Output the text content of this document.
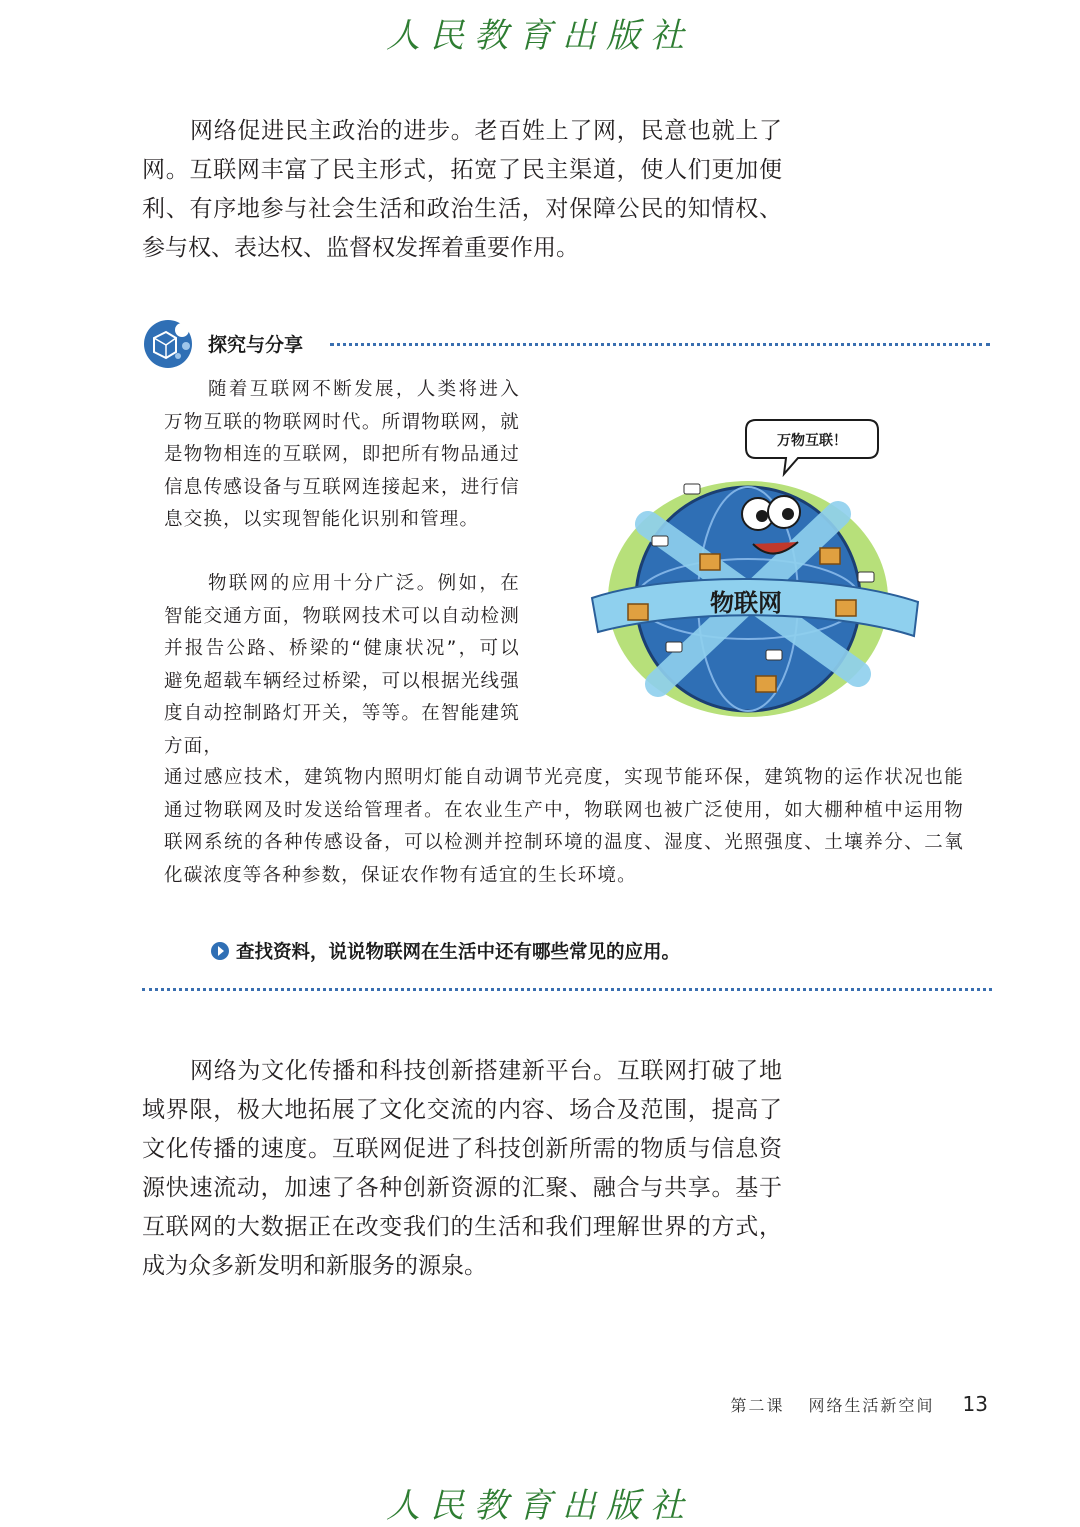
人民教育出版社

网络促进民主政治的进步。老百姓上了网，民意也就上了网。互联网丰富了民主形式，拓宽了民主渠道，使人们更加便利、有序地参与社会生活和政治生活，对保障公民的知情权、参与权、表达权、监督权发挥着重要作用。

探究与分享

随着互联网不断发展，人类将进入万物互联的物联网时代。所谓物联网，就是物物相连的互联网，即把所有物品通过信息传感设备与互联网连接起来，进行信息交换，以实现智能化识别和管理。

物联网的应用十分广泛。例如，在智能交通方面，物联网技术可以自动检测并报告公路、桥梁的“健康状况”，可以避免超载车辆经过桥梁，可以根据光线强度自动控制路灯开关，等等。在智能建筑方面，

通过感应技术，建筑物内照明灯能自动调节光亮度，实现节能环保，建筑物的运作状况也能通过物联网及时发送给管理者。在农业生产中，物联网也被广泛使用，如大棚种植中运用物联网系统的各种传感设备，可以检测并控制环境的温度、湿度、光照强度、土壤养分、二氧化碳浓度等各种参数，保证农作物有适宜的生长环境。

万物互联！
物联网
查找资料，说说物联网在生活中还有哪些常见的应用。

网络为文化传播和科技创新搭建新平台。互联网打破了地域界限，极大地拓展了文化交流的内容、场合及范围，提高了文化传播的速度。互联网促进了科技创新所需的物质与信息资源快速流动，加速了各种创新资源的汇聚、融合与共享。基于互联网的大数据正在改变我们的生活和我们理解世界的方式，成为众多新发明和新服务的源泉。

第二课 网络生活新空间 13
人民教育出版社
